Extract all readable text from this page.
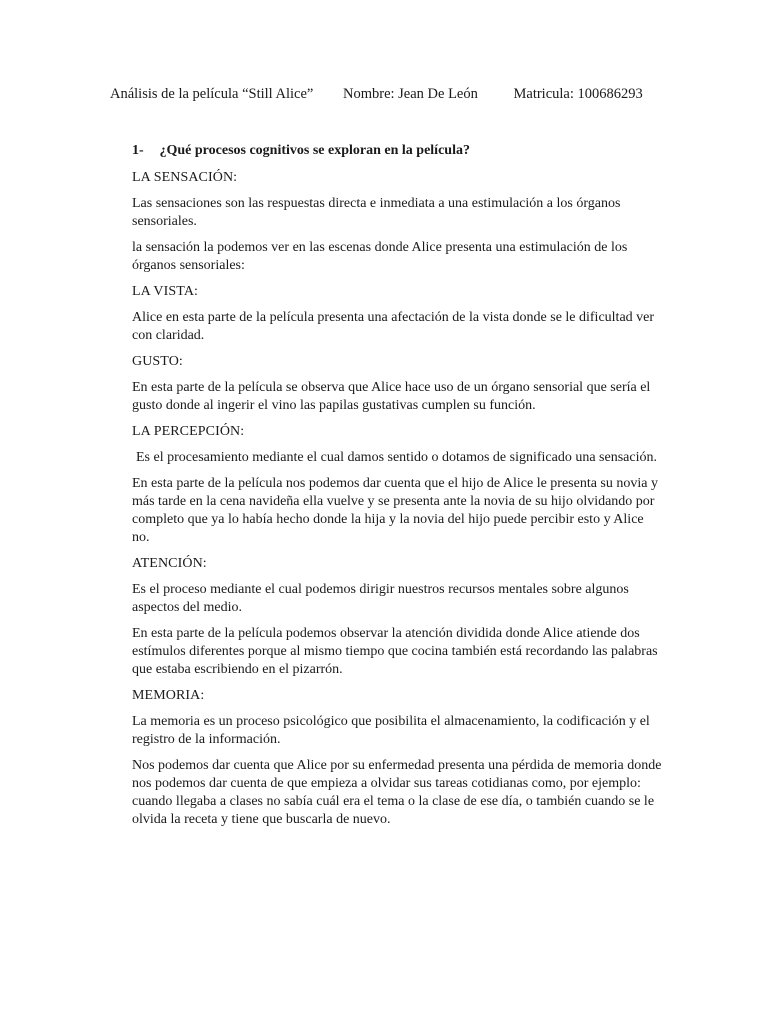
Análisis de la película “Still Alice” Nombre: Jean De León Matricula: 100686293
1- ¿Qué procesos cognitivos se exploran en la película?
LA SENSACIÓN:
Las sensaciones son las respuestas directa e inmediata a una estimulación a los órganos sensoriales.
la sensación la podemos ver en las escenas donde Alice presenta una estimulación de los órganos sensoriales:
LA VISTA:
Alice en esta parte de la película presenta una afectación de la vista donde se le dificultad ver con claridad.
GUSTO:
En esta parte de la película se observa que Alice hace uso de un órgano sensorial que sería el gusto donde al ingerir el vino las papilas gustativas cumplen su función.
LA PERCEPCIÓN:
Es el procesamiento mediante el cual damos sentido o dotamos de significado una sensación.
En esta parte de la película nos podemos dar cuenta que el hijo de Alice le presenta su novia y más tarde en la cena navideña ella vuelve y se presenta ante la novia de su hijo olvidando por completo que ya lo había hecho donde la hija y la novia del hijo puede percibir esto y Alice no.
ATENCIÓN:
Es el proceso mediante el cual podemos dirigir nuestros recursos mentales sobre algunos aspectos del medio.
En esta parte de la película podemos observar la atención dividida donde Alice atiende dos estímulos diferentes porque al mismo tiempo que cocina también está recordando las palabras que estaba escribiendo en el pizarrón.
MEMORIA:
La memoria es un proceso psicológico que posibilita el almacenamiento, la codificación y el registro de la información.
Nos podemos dar cuenta que Alice por su enfermedad presenta una pérdida de memoria donde nos podemos dar cuenta de que empieza a olvidar sus tareas cotidianas como, por ejemplo: cuando llegaba a clases no sabía cuál era el tema o la clase de ese día, o también cuando se le olvida la receta y tiene que buscarla de nuevo.
